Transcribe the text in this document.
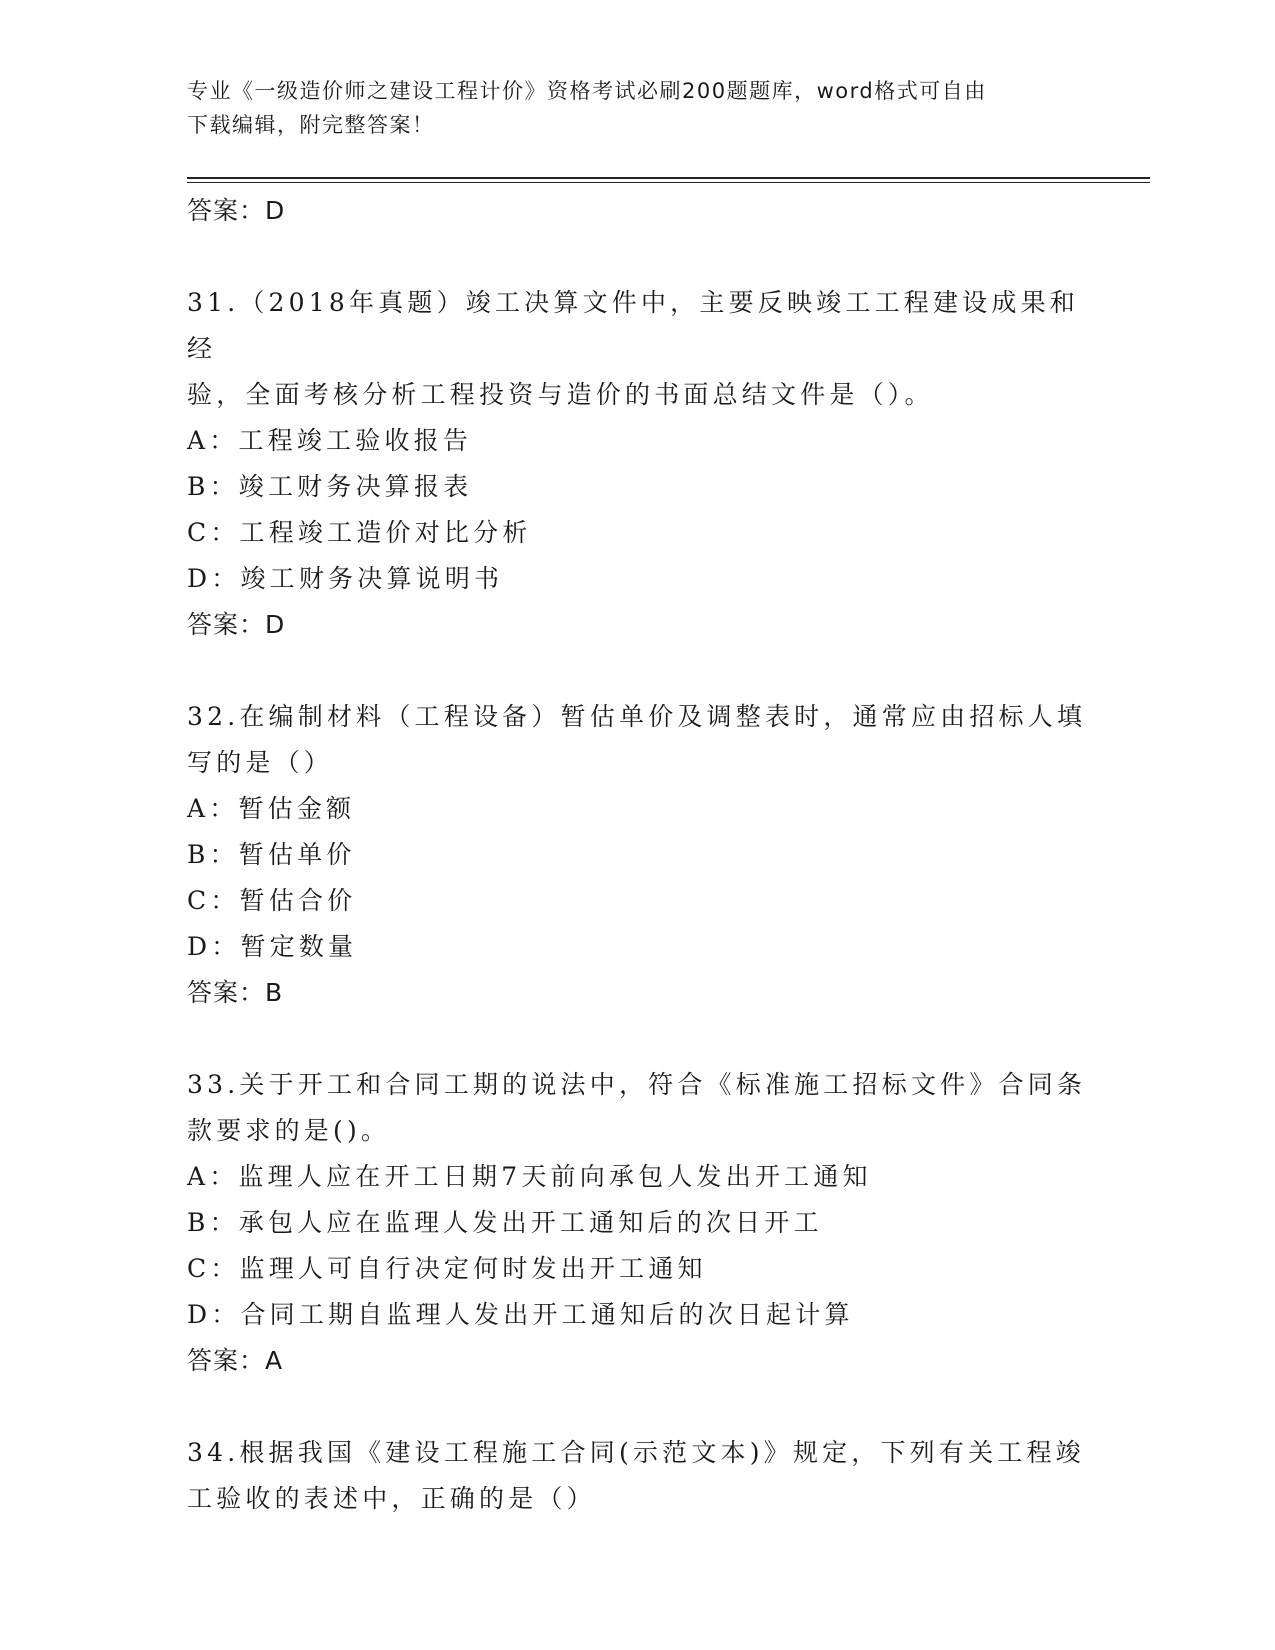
专业《一级造价师之建设工程计价》资格考试必刷200题题库，word格式可自由
下载编辑，附完整答案！
答案：D
31.（2018年真题）竣工决算文件中，主要反映竣工工程建设成果和经
验，全面考核分析工程投资与造价的书面总结文件是（）。
A：工程竣工验收报告
B：竣工财务决算报表
C：工程竣工造价对比分析
D：竣工财务决算说明书
答案：D
32.在编制材料（工程设备）暂估单价及调整表时，通常应由招标人填
写的是（）
A：暂估金额
B：暂估单价
C：暂估合价
D：暂定数量
答案：B
33.关于开工和合同工期的说法中，符合《标准施工招标文件》合同条
款要求的是()。
A：监理人应在开工日期7天前向承包人发出开工通知
B：承包人应在监理人发出开工通知后的次日开工
C：监理人可自行决定何时发出开工通知
D：合同工期自监理人发出开工通知后的次日起计算
答案：A
34.根据我国《建设工程施工合同(示范文本)》规定，下列有关工程竣
工验收的表述中，正确的是（）
